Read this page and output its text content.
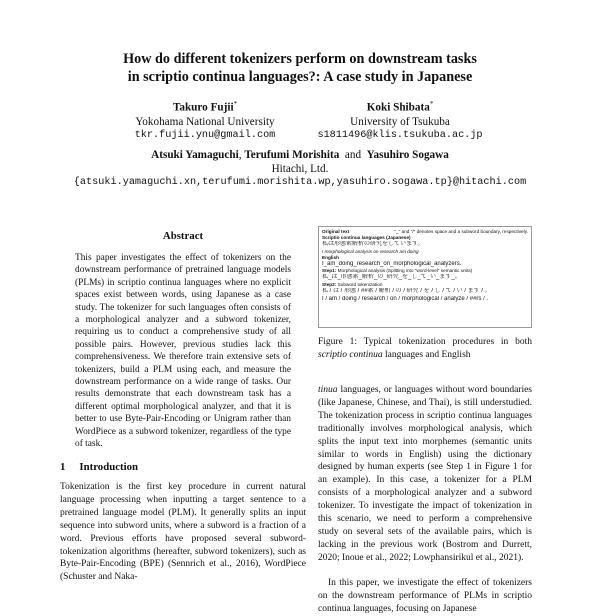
How do different tokenizers perform on downstream tasks
in scriptio continua languages?: A case study in Japanese
Takuro Fujii*
Yokohama National University
tkr.fujii.ynu@gmail.com
Koki Shibata*
University of Tsukuba
s1811496@klis.tsukuba.ac.jp
Atsuki Yamaguchi, Terufumi Morishita and Yasuhiro Sogawa
Hitachi, Ltd.
{atsuki.yamaguchi.xn,terufumi.morishita.wp,yasuhiro.sogawa.tp}@hitachi.com
Abstract
This paper investigates the effect of tokenizers on the downstream performance of pretrained language models (PLMs) in scriptio continua languages where no explicit spaces exist between words, using Japanese as a case study. The tokenizer for such languages often consists of a morphological analyzer and a subword tokenizer, requiring us to conduct a comprehensive study of all possible pairs. However, previous studies lack this comprehensiveness. We therefore train extensive sets of tokenizers, build a PLM using each, and measure the downstream performance on a wide range of tasks. Our results demonstrate that each downstream task has a different optimal morphological analyzer, and that it is better to use Byte-Pair-Encoding or Unigram rather than WordPiece as a subword tokenizer, regardless of the type of task.
1 Introduction
Tokenization is the first key procedure in current natural language processing when inputting a target sentence to a pretrained language model (PLM). It generally splits an input sequence into subword units, where a subword is a fraction of a word. Previous efforts have proposed several subword-tokenization algorithms (hereafter, subword tokenizers), such as Byte-Pair-Encoding (BPE) (Sennrich et al., 2016), WordPiece (Schuster and Naka-
Original text	"_" and "/" denotes space and a subword boundary, respectively.
Scriptio continua languages (Japanese)
私は形態素解析の研究をしています。
I morphological analysis on research am doing
English
I_am_doing_research_on_morphological_analyzers.
Step1: Morphological analysis (Splitting into "word-level" semantic units)
私_は_形態素_解析_の_研究_を_し_て_い_ます_。
Step2: Subword tokenization
私 / は / 形態 / ##素 / 解析 / の / 研究 / を / し / て / い / ます / 。
I / am / doing / research / on / morphological / analyze / ##rs / .
Figure 1: Typical tokenization procedures in both scriptio continua languages and English
tinua languages, or languages without word boundaries (like Japanese, Chinese, and Thai), is still understudied. The tokenization process in scriptio continua languages traditionally involves morphological analysis, which splits the input text into morphemes (semantic units similar to words in English) using the dictionary designed by human experts (see Step 1 in Figure 1 for an example). In this case, a tokenizer for a PLM consists of a morphological analyzer and a subword tokenizer. To investigate the impact of tokenization in this scenario, we need to perform a comprehensive study on several sets of the available pairs, which is lacking in the previous work (Bostrom and Durrett, 2020; Inoue et al., 2022; Lowphansirikul et al., 2021).
In this paper, we investigate the effect of tokenizers on the downstream performance of PLMs in scriptio continua languages, focusing on Japanese
